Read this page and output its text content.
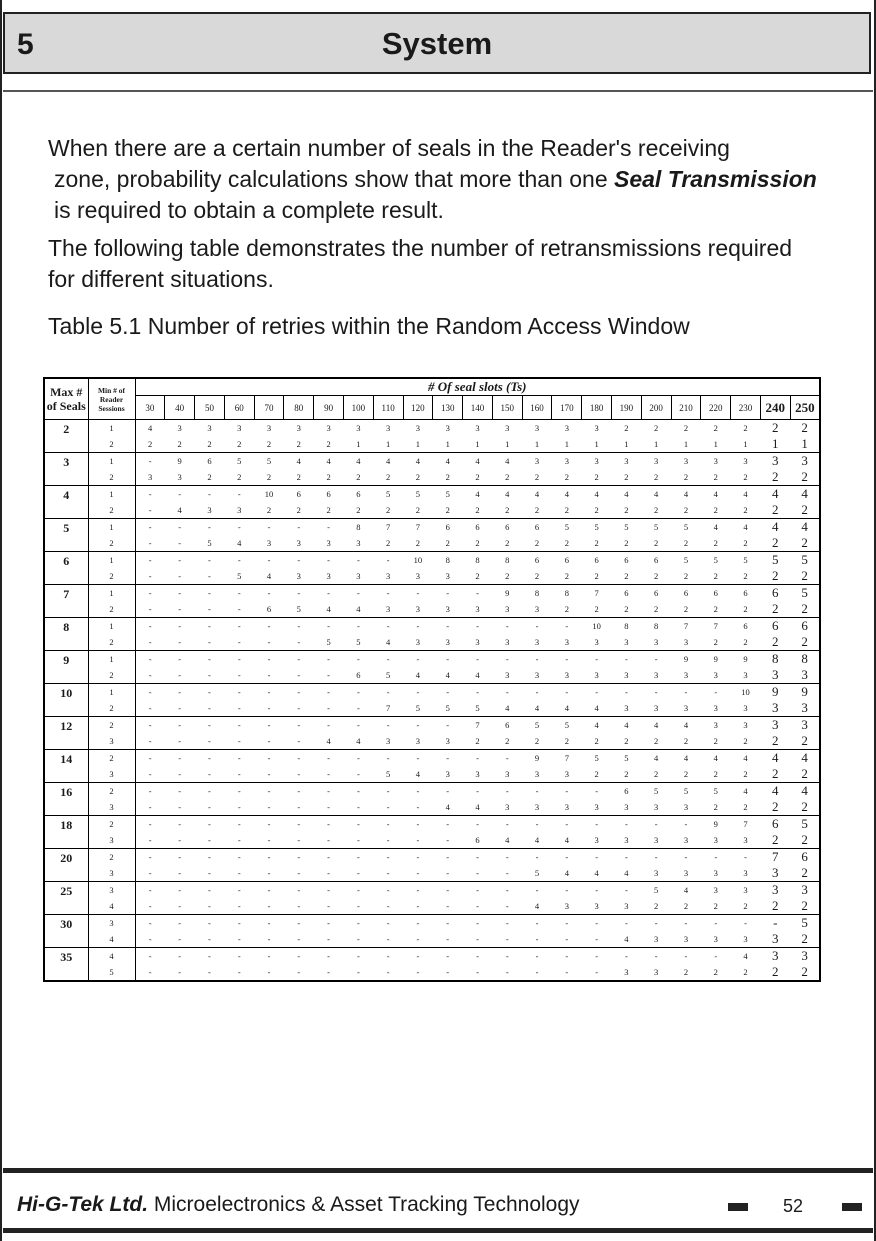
5	System

When there are a certain number of seals in the Reader's receiving
zone, probability calculations show that more than one Seal Transmission is required to obtain a complete result.

The following table demonstrates the number of retransmissions required for different situations.

Table 5.1 Number of retries within the Random Access Window

Max # of Seals	Min # of Reader Sessions	# Of seal slots (Ts)																						
		30	40	50	60	70	80	90	100	110	120	130	140	150	160	170	180	190	200	210	220	230	240	250
2	1	4	3	3	3	3	3	3	3	3	3	3	3	3	3	3	3	2	2	2	2	2	2	2
	2	2	2	2	2	2	2	2	1	1	1	1	1	1	1	1	1	1	1	1	1	1	1	1
3	1	-	9	6	5	5	4	4	4	4	4	4	4	4	3	3	3	3	3	3	3	3	3	3
	2	3	3	2	2	2	2	2	2	2	2	2	2	2	2	2	2	2	2	2	2	2	2	2
4	1	-	-	-	-	10	6	6	6	5	5	5	4	4	4	4	4	4	4	4	4	4	4	4
	2	-	4	3	3	2	2	2	2	2	2	2	2	2	2	2	2	2	2	2	2	2	2	2
5	1	-	-	-	-	-	-	-	8	7	7	6	6	6	6	5	5	5	5	5	4	4	4	4
	2	-	-	5	4	3	3	3	3	2	2	2	2	2	2	2	2	2	2	2	2	2	2	2
6	1	-	-	-	-	-	-	-	-	-	10	8	8	8	6	6	6	6	6	5	5	5	5	5
	2	-	-	-	5	4	3	3	3	3	3	3	2	2	2	2	2	2	2	2	2	2	2	2
7	1	-	-	-	-	-	-	-	-	-	-	-	-	9	8	8	7	6	6	6	6	6	6	5
	2	-	-	-	-	6	5	4	4	3	3	3	3	3	3	2	2	2	2	2	2	2	2	2
8	1	-	-	-	-	-	-	-	-	-	-	-	-	-	-	-	10	8	8	7	7	6	6	6
	2	-	-	-	-	-	-	5	5	4	3	3	3	3	3	3	3	3	3	3	2	2	2	2
9	1	-	-	-	-	-	-	-	-	-	-	-	-	-	-	-	-	-	-	9	9	9	8	8
	2	-	-	-	-	-	-	-	6	5	4	4	4	3	3	3	3	3	3	3	3	3	3	3
10	1	-	-	-	-	-	-	-	-	-	-	-	-	-	-	-	-	-	-	-	-	10	9	9
	2	-	-	-	-	-	-	-	-	7	5	5	5	4	4	4	4	3	3	3	3	3	3	3
12	2	-	-	-	-	-	-	-	-	-	-	-	7	6	5	5	4	4	4	4	3	3	3	3
	3	-	-	-	-	-	-	4	4	3	3	3	2	2	2	2	2	2	2	2	2	2	2	2
14	2	-	-	-	-	-	-	-	-	-	-	-	-	-	9	7	5	5	4	4	4	4	4	4
	3	-	-	-	-	-	-	-	-	5	4	3	3	3	3	3	2	2	2	2	2	2	2	2
16	2	-	-	-	-	-	-	-	-	-	-	-	-	-	-	-	-	6	5	5	5	4	4	4
	3	-	-	-	-	-	-	-	-	-	-	4	4	3	3	3	3	3	3	3	2	2	2	2
18	2	-	-	-	-	-	-	-	-	-	-	-	-	-	-	-	-	-	-	-	9	7	6	5
	3	-	-	-	-	-	-	-	-	-	-	-	6	4	4	4	3	3	3	3	3	3	2	2
20	2	-	-	-	-	-	-	-	-	-	-	-	-	-	-	-	-	-	-	-	-	-	7	6
	3	-	-	-	-	-	-	-	-	-	-	-	-	-	5	4	4	4	3	3	3	3	3	2
25	3	-	-	-	-	-	-	-	-	-	-	-	-	-	-	-	-	-	5	4	3	3	3	3
	4	-	-	-	-	-	-	-	-	-	-	-	-	-	4	3	3	3	2	2	2	2	2	2
30	3	-	-	-	-	-	-	-	-	-	-	-	-	-	-	-	-	-	-	-	-	-	-	5
	4	-	-	-	-	-	-	-	-	-	-	-	-	-	-	-	-	4	3	3	3	3	3	2
35	4	-	-	-	-	-	-	-	-	-	-	-	-	-	-	-	-	-	-	-	-	4	3	3
	5	-	-	-	-	-	-	-	-	-	-	-	-	-	-	-	-	3	3	2	2	2	2	2
Hi-G-Tek Ltd. Microelectronics & Asset Tracking Technology	52
